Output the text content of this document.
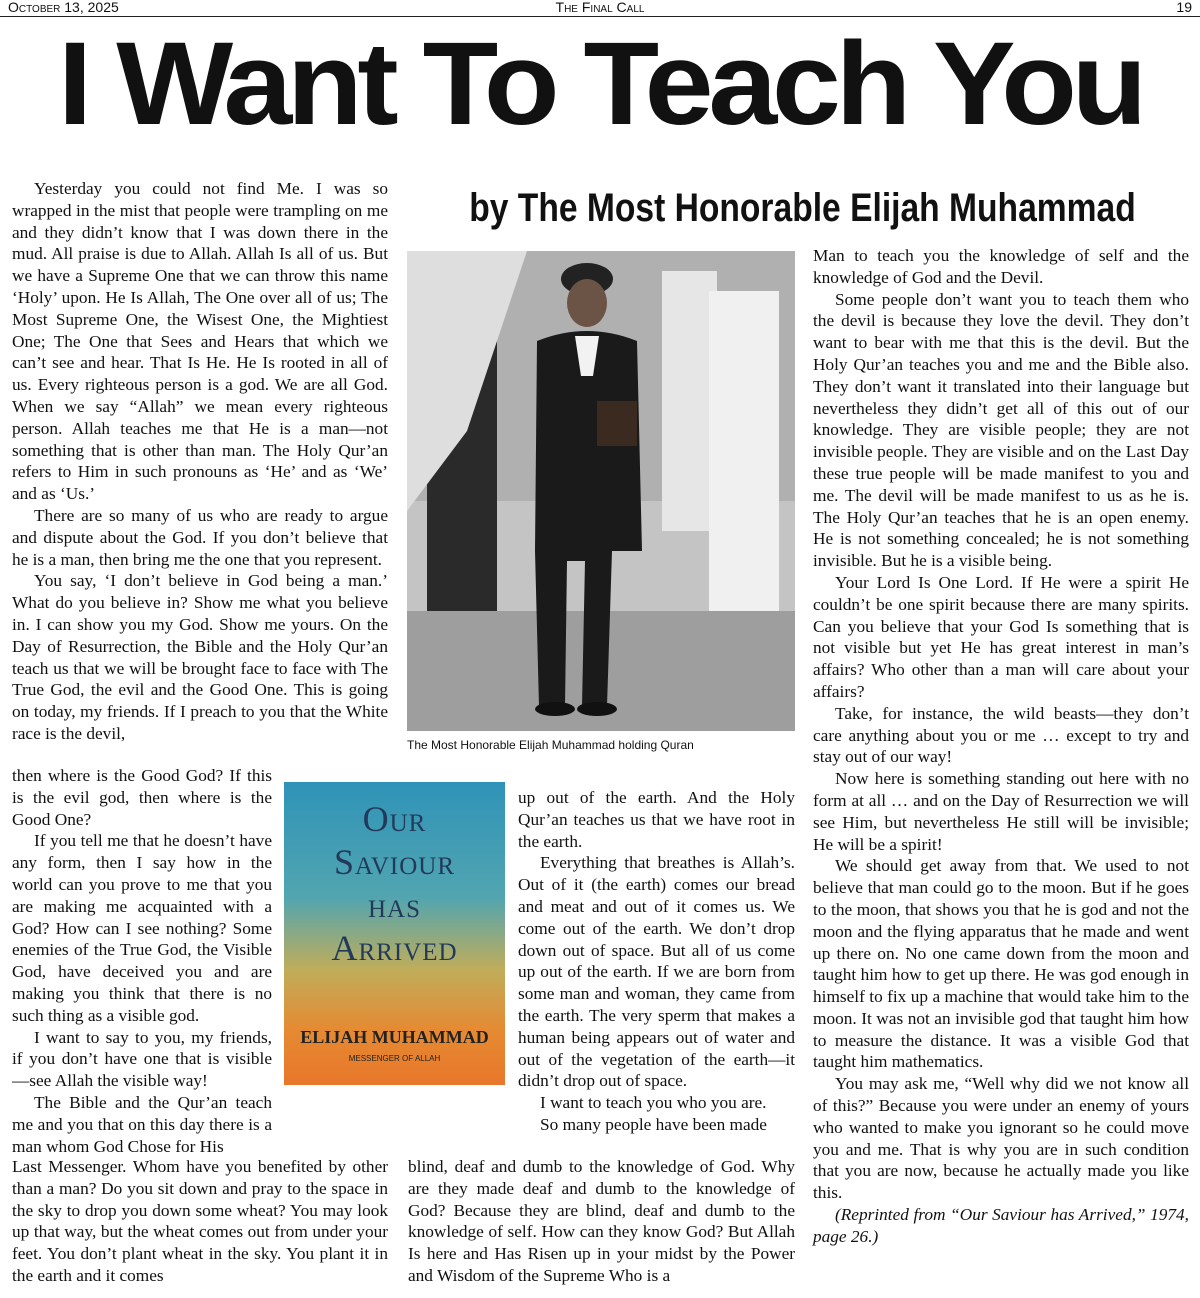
October 13, 2025	The Final Call	19
I Want To Teach You
by The Most Honorable Elijah Muhammad

Yesterday you could not find Me. I was so wrapped in the mist that people were trampling on me and they didn’t know that I was down there in the mud. All praise is due to Allah. Allah Is all of us. But we have a Supreme One that we can throw this name ‘Holy’ upon. He Is Allah, The One over all of us; The Most Supreme One, the Wisest One, the Mightiest One; The One that Sees and Hears that which we can’t see and hear. That Is He. He Is rooted in all of us. Every righteous person is a god. We are all God. When we say “Allah” we mean every righteous person. Allah teaches me that He is a man—not something that is other than man. The Holy Qur’an refers to Him in such pronouns as ‘He’ and as ‘We’ and as ‘Us.’

There are so many of us who are ready to argue and dispute about the God. If you don’t believe that he is a man, then bring me the one that you represent.

You say, ‘I don’t believe in God being a man.’ What do you believe in? Show me what you believe in. I can show you my God. Show me yours. On the Day of Resurrection, the Bible and the Holy Qur’an teach us that we will be brought face to face with The True God, the evil and the Good One. This is going on today, my friends. If I preach to you that the White race is the devil,

then where is the Good God? If this is the evil god, then where is the Good One?

If you tell me that he doesn’t have any form, then I say how in the world can you prove to me that you are making me acquainted with a God? How can I see nothing? Some enemies of the True God, the Visible God, have deceived you and are making you think that there is no such thing as a visible god.

I want to say to you, my friends, if you don’t have one that is visible—see Allah the visible way!

The Bible and the Qur’an teach me and you that on this day there is a man whom God Chose for His

Last Messenger. Whom have you benefited by other than a man? Do you sit down and pray to the space in the sky to drop you down some wheat? You may look up that way, but the wheat comes out from under your feet. You don’t plant wheat in the sky. You plant it in the earth and it comes

The Most Honorable Elijah Muhammad holding Quran
Our
Saviour
has
Arrived
ELIJAH MUHAMMAD
MESSENGER OF ALLAH

up out of the earth. And the Holy Qur’an teaches us that we have root in the earth.

Everything that breathes is Allah’s. Out of it (the earth) comes our bread and meat and out of it comes us. We come out of the earth. We don’t drop down out of space. But all of us come up out of the earth. If we are born from some man and woman, they came from the earth. The very sperm that makes a human being appears out of water and out of the vegetation of the earth—it didn’t drop out of space.

I want to teach you who you are.

So many people have been made

blind, deaf and dumb to the knowledge of God. Why are they made deaf and dumb to the knowledge of God? Because they are blind, deaf and dumb to the knowledge of self. How can they know God? But Allah Is here and Has Risen up in your midst by the Power and Wisdom of the Supreme Who is a

Man to teach you the knowledge of self and the knowledge of God and the Devil.

Some people don’t want you to teach them who the devil is because they love the devil. They don’t want to bear with me that this is the devil. But the Holy Qur’an teaches you and me and the Bible also. They don’t want it translated into their language but nevertheless they didn’t get all of this out of our knowledge. They are visible people; they are not invisible people. They are visible and on the Last Day these true people will be made manifest to you and me. The devil will be made manifest to us as he is. The Holy Qur’an teaches that he is an open enemy. He is not something concealed; he is not something invisible. But he is a visible being.

Your Lord Is One Lord. If He were a spirit He couldn’t be one spirit because there are many spirits. Can you believe that your God Is something that is not visible but yet He has great interest in man’s affairs? Who other than a man will care about your affairs?

Take, for instance, the wild beasts—they don’t care anything about you or me … except to try and stay out of our way!

Now here is something standing out here with no form at all … and on the Day of Resurrection we will see Him, but nevertheless He still will be invisible; He will be a spirit!

We should get away from that. We used to not believe that man could go to the moon. But if he goes to the moon, that shows you that he is god and not the moon and the flying apparatus that he made and went up there on. No one came down from the moon and taught him how to get up there. He was god enough in himself to fix up a machine that would take him to the moon. It was not an invisible god that taught him how to measure the distance. It was a visible God that taught him mathematics.

You may ask me, “Well why did we not know all of this?” Because you were under an enemy of yours who wanted to make you ignorant so he could move you and me. That is why you are in such condition that you are now, because he actually made you like this.

(Reprinted from “Our Saviour has Arrived,” 1974, page 26.)
